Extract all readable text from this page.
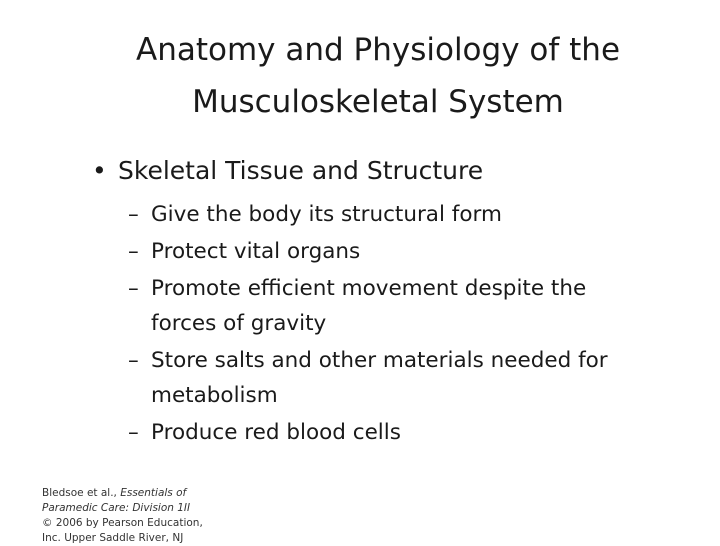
Anatomy and Physiology of the
Musculoskeletal System
• Skeletal Tissue and Structure
– Give the body its structural form
– Protect vital organs
– Promote efficient movement despite the
forces of gravity
– Store salts and other materials needed for
metabolism
– Produce red blood cells
Bledsoe et al., Essentials of
Paramedic Care: Division 1II
© 2006 by Pearson Education,
Inc. Upper Saddle River, NJ
